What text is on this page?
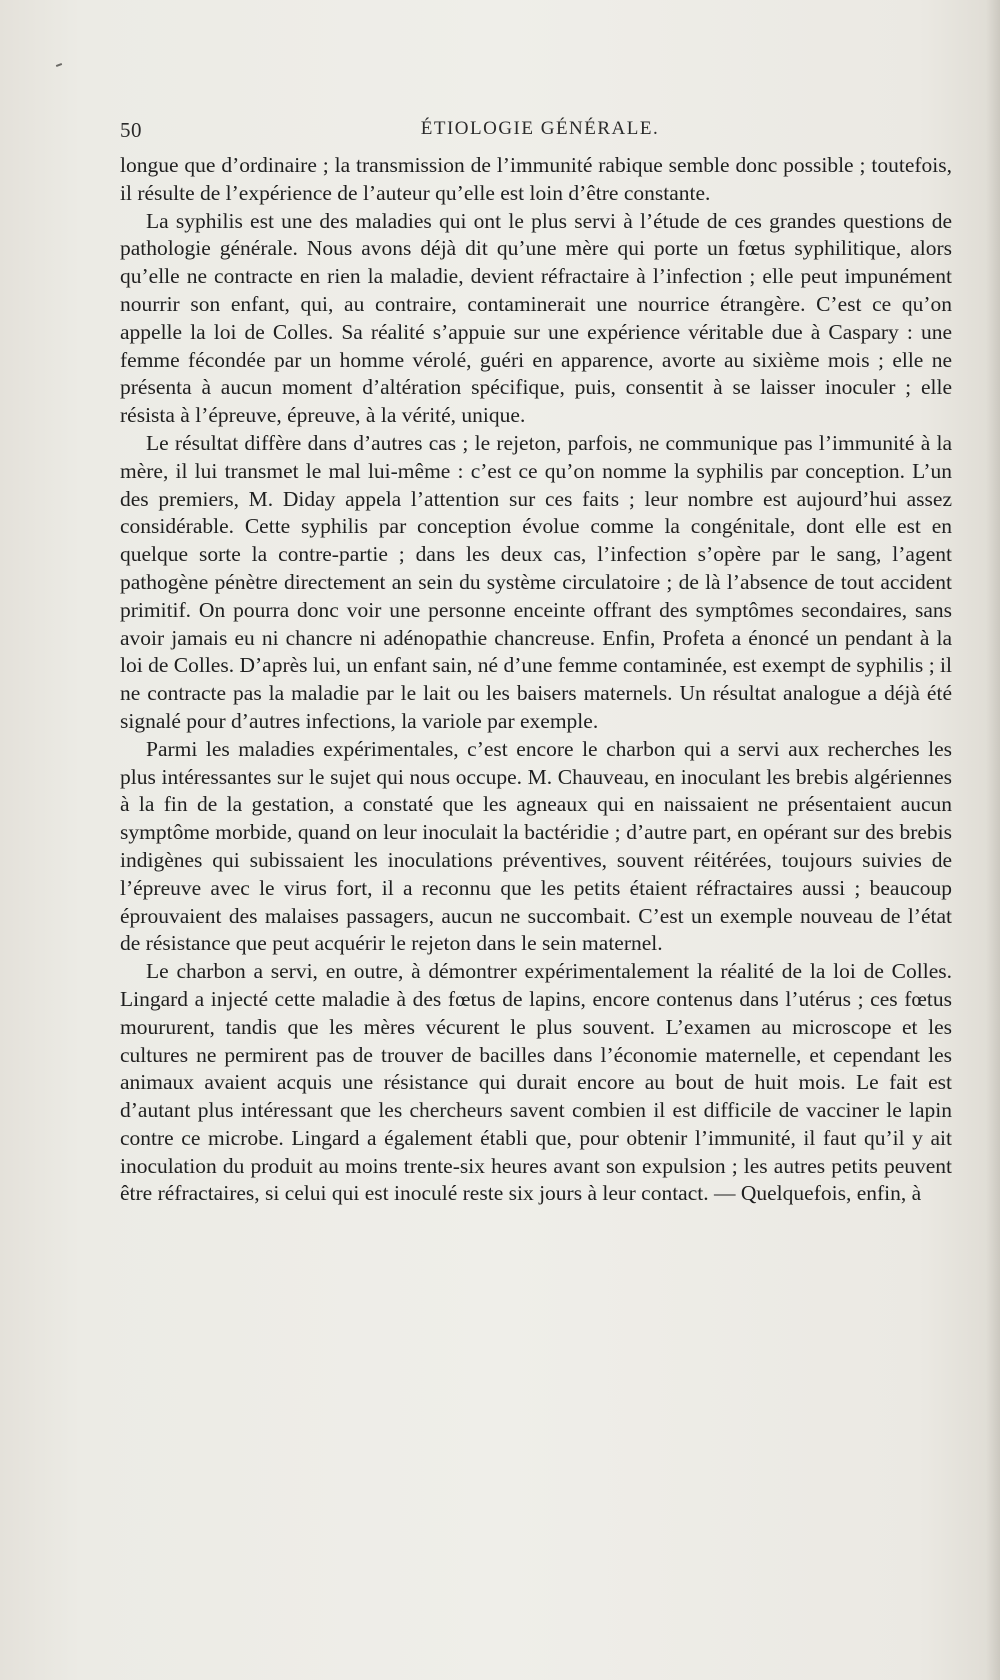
50	ÉTIOLOGIE GÉNÉRALE.

longue que d’ordinaire ; la transmission de l’immunité rabique semble donc possible ; toutefois, il résulte de l’expérience de l’auteur qu’elle est loin d’être constante.

La syphilis est une des maladies qui ont le plus servi à l’étude de ces grandes questions de pathologie générale. Nous avons déjà dit qu’une mère qui porte un fœtus syphilitique, alors qu’elle ne contracte en rien la maladie, devient réfractaire à l’infection ; elle peut impunément nourrir son enfant, qui, au contraire, contaminerait une nourrice étrangère. C’est ce qu’on appelle la loi de Colles. Sa réalité s’appuie sur une expérience véritable due à Caspary : une femme fécondée par un homme vérolé, guéri en apparence, avorte au sixième mois ; elle ne présenta à aucun moment d’altération spécifique, puis, consentit à se laisser inoculer ; elle résista à l’épreuve, épreuve, à la vérité, unique.

Le résultat diffère dans d’autres cas ; le rejeton, parfois, ne communique pas l’immunité à la mère, il lui transmet le mal lui-même : c’est ce qu’on nomme la syphilis par conception. L’un des premiers, M. Diday appela l’attention sur ces faits ; leur nombre est aujourd’hui assez considérable. Cette syphilis par conception évolue comme la congénitale, dont elle est en quelque sorte la contre-partie ; dans les deux cas, l’infection s’opère par le sang, l’agent pathogène pénètre directement an sein du système circulatoire ; de là l’absence de tout accident primitif. On pourra donc voir une personne enceinte offrant des symptômes secondaires, sans avoir jamais eu ni chancre ni adénopathie chancreuse. Enfin, Profeta a énoncé un pendant à la loi de Colles. D’après lui, un enfant sain, né d’une femme contaminée, est exempt de syphilis ; il ne contracte pas la maladie par le lait ou les baisers maternels. Un résultat analogue a déjà été signalé pour d’autres infections, la variole par exemple.

Parmi les maladies expérimentales, c’est encore le charbon qui a servi aux recherches les plus intéressantes sur le sujet qui nous occupe. M. Chauveau, en inoculant les brebis algériennes à la fin de la gestation, a constaté que les agneaux qui en naissaient ne présentaient aucun symptôme morbide, quand on leur inoculait la bactéridie ; d’autre part, en opérant sur des brebis indigènes qui subissaient les inoculations préventives, souvent réitérées, toujours suivies de l’épreuve avec le virus fort, il a reconnu que les petits étaient réfractaires aussi ; beaucoup éprouvaient des malaises passagers, aucun ne succombait. C’est un exemple nouveau de l’état de résistance que peut acquérir le rejeton dans le sein maternel.

Le charbon a servi, en outre, à démontrer expérimentalement la réalité de la loi de Colles. Lingard a injecté cette maladie à des fœtus de lapins, encore contenus dans l’utérus ; ces fœtus moururent, tandis que les mères vécurent le plus souvent. L’examen au microscope et les cultures ne permirent pas de trouver de bacilles dans l’économie maternelle, et cependant les animaux avaient acquis une résistance qui durait encore au bout de huit mois. Le fait est d’autant plus intéressant que les chercheurs savent combien il est difficile de vacciner le lapin contre ce microbe. Lingard a également établi que, pour obtenir l’immunité, il faut qu’il y ait inoculation du produit au moins trente-six heures avant son expulsion ; les autres petits peuvent être réfractaires, si celui qui est inoculé reste six jours à leur contact. — Quelquefois, enfin, à
